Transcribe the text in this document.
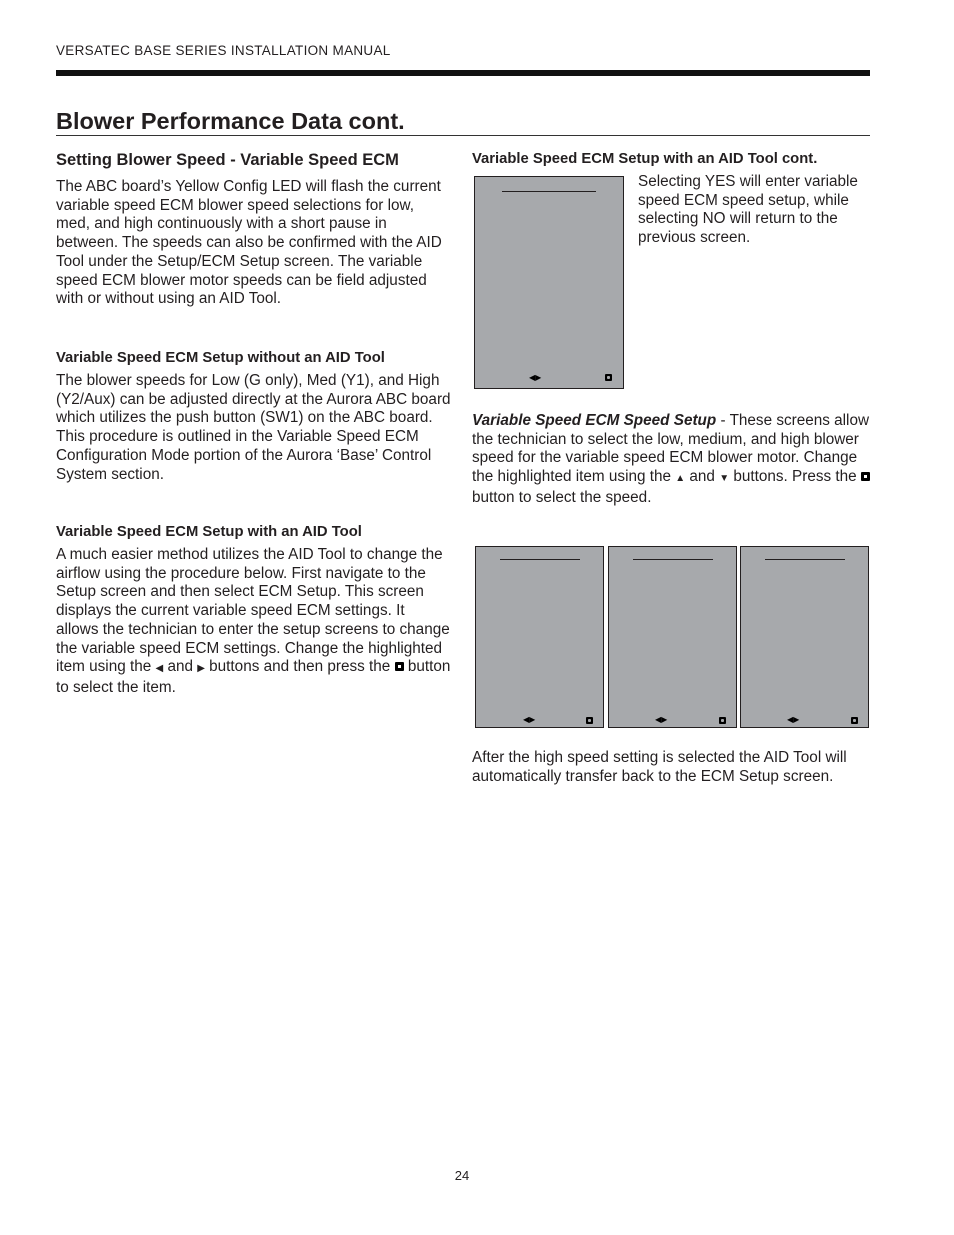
VERSATEC BASE SERIES INSTALLATION MANUAL
Blower Performance Data cont.
Setting Blower Speed - Variable Speed ECM

The ABC board’s Yellow Config LED will flash the current variable speed ECM blower speed selections for low, med, and high continuously with a short pause in between. The speeds can also be confirmed with the AID Tool under the Setup/ECM Setup screen. The variable speed ECM blower motor speeds can be field adjusted with or without using an AID Tool.

Variable Speed ECM Setup without an AID Tool

The blower speeds for Low (G only), Med (Y1), and High (Y2/Aux) can be adjusted directly at the Aurora ABC board which utilizes the push button (SW1) on the ABC board. This procedure is outlined in the Variable Speed ECM Configuration Mode portion of the Aurora ‘Base’ Control System section.

Variable Speed ECM Setup with an AID Tool

A much easier method utilizes the AID Tool to change the airflow using the procedure below. First navigate to the Setup screen and then select ECM Setup. This screen displays the current variable speed ECM settings. It allows the technician to enter the setup screens to change the variable speed ECM settings. Change the highlighted item using the ◀ and ▶ buttons and then press the button to select the item.

Variable Speed ECM Setup with an AID Tool cont.
◀▶

Selecting YES will enter variable speed ECM speed setup, while selecting NO will return to the previous screen.

Variable Speed ECM Speed Setup - These screens allow the technician to select the low, medium, and high blower speed for the variable speed ECM blower motor. Change the highlighted item using the ▲ and ▼ buttons. Press the  button to select the speed.

◀▶	◀▶	◀▶

After the high speed setting is selected the AID Tool will automatically transfer back to the ECM Setup screen.

24
